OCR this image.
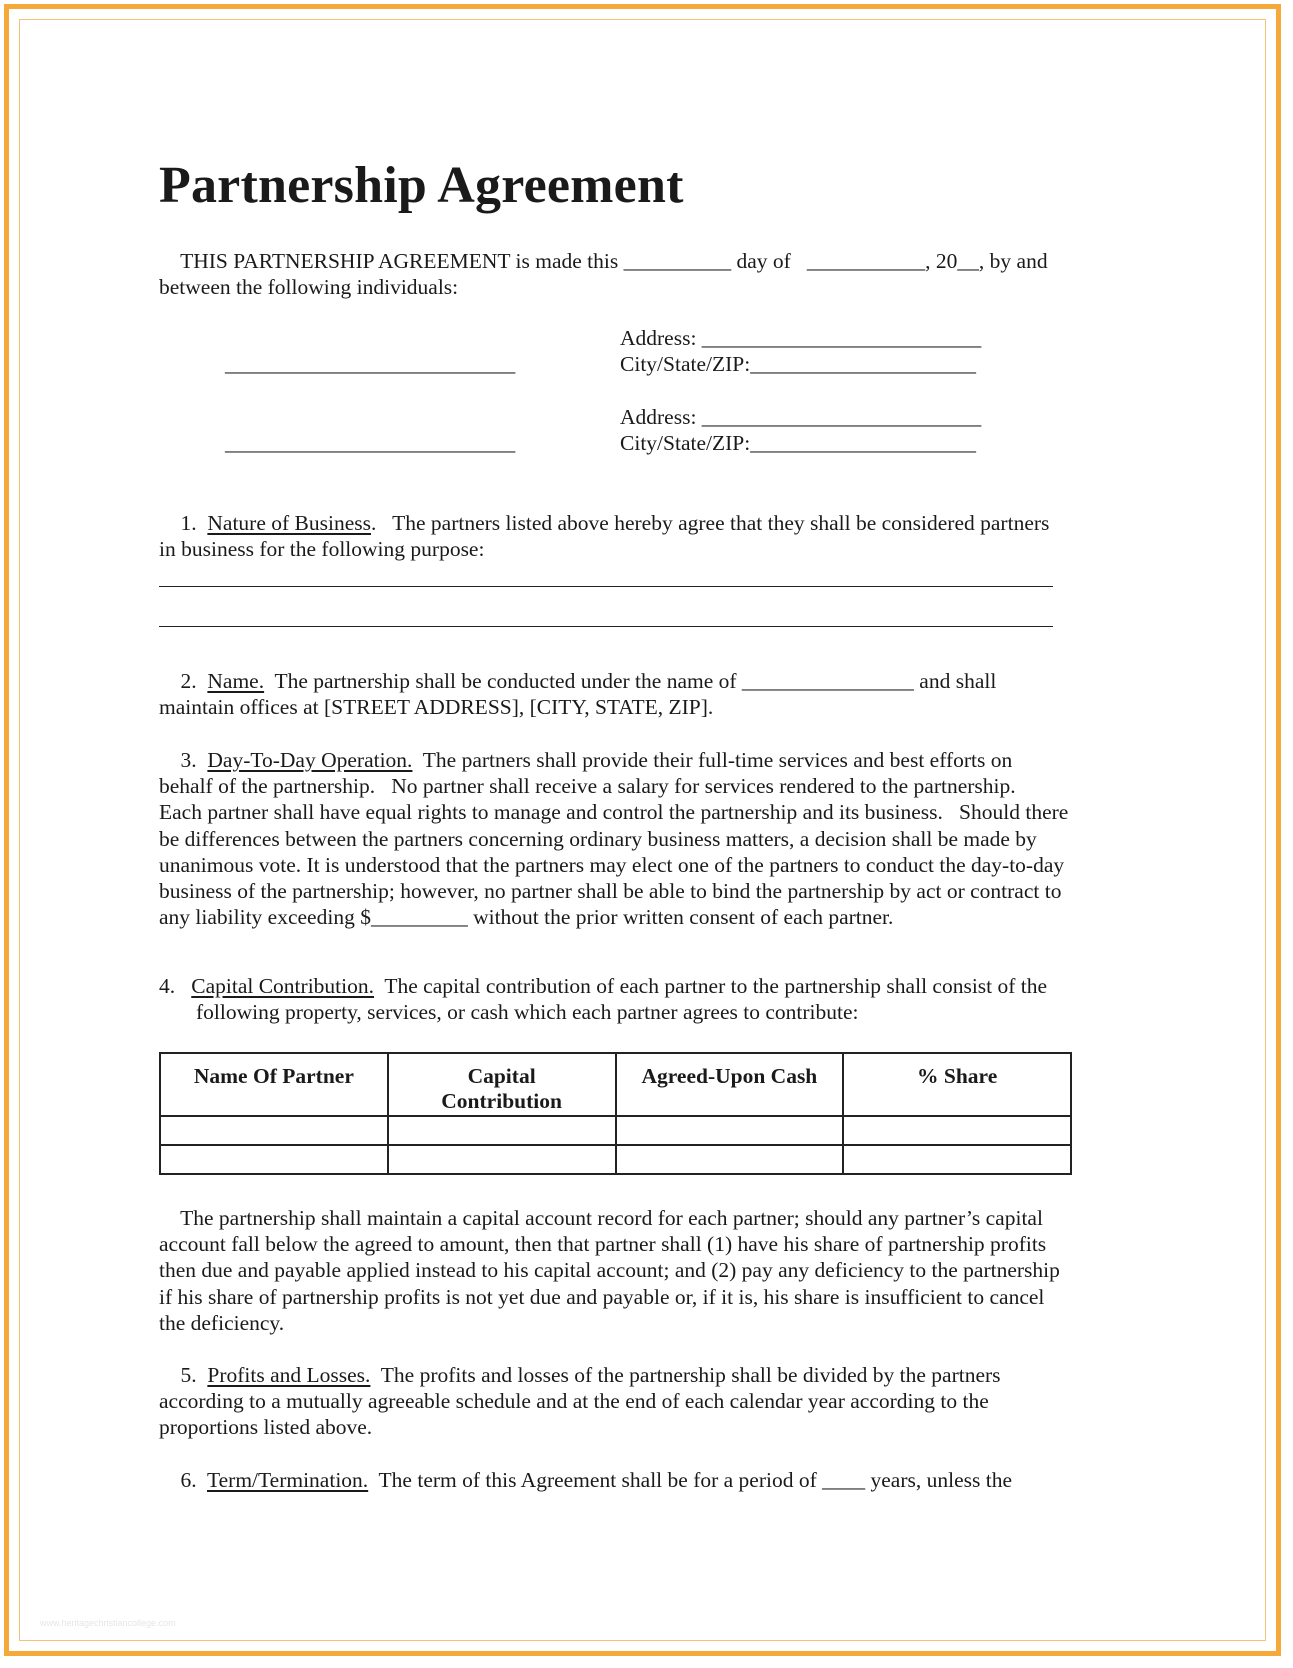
Partnership Agreement
THIS PARTNERSHIP AGREEMENT is made this __________ day of   ___________, 20__, by and
between the following individuals:
Address: __________________________
___________________________	City/State/ZIP:_____________________
Address: __________________________
___________________________	City/State/ZIP:_____________________
1. Nature of Business.   The partners listed above hereby agree that they shall be considered partners
in business for the following purpose:
2. Name.  The partnership shall be conducted under the name of ________________ and shall
maintain offices at [STREET ADDRESS], [CITY, STATE, ZIP].
3. Day-To-Day Operation.  The partners shall provide their full-time services and best efforts on
behalf of the partnership.   No partner shall receive a salary for services rendered to the partnership.
Each partner shall have equal rights to manage and control the partnership and its business.   Should there
be differences between the partners concerning ordinary business matters, a decision shall be made by
unanimous vote. It is understood that the partners may elect one of the partners to conduct the day-to-day
business of the partnership; however, no partner shall be able to bind the partnership by act or contract to
any liability exceeding $_________ without the prior written consent of each partner.
4. Capital Contribution.  The capital contribution of each partner to the partnership shall consist of the
following property, services, or cash which each partner agrees to contribute:
Name Of Partner	Capital Contribution	Agreed-Upon Cash	% Share

The partnership shall maintain a capital account record for each partner; should any partner’s capital
account fall below the agreed to amount, then that partner shall (1) have his share of partnership profits
then due and payable applied instead to his capital account; and (2) pay any deficiency to the partnership
if his share of partnership profits is not yet due and payable or, if it is, his share is insufficient to cancel
the deficiency.
5. Profits and Losses.  The profits and losses of the partnership shall be divided by the partners
according to a mutually agreeable schedule and at the end of each calendar year according to the
proportions listed above.
6. Term/Termination.  The term of this Agreement shall be for a period of ____ years, unless the
www.heritagechristiancollege.com
